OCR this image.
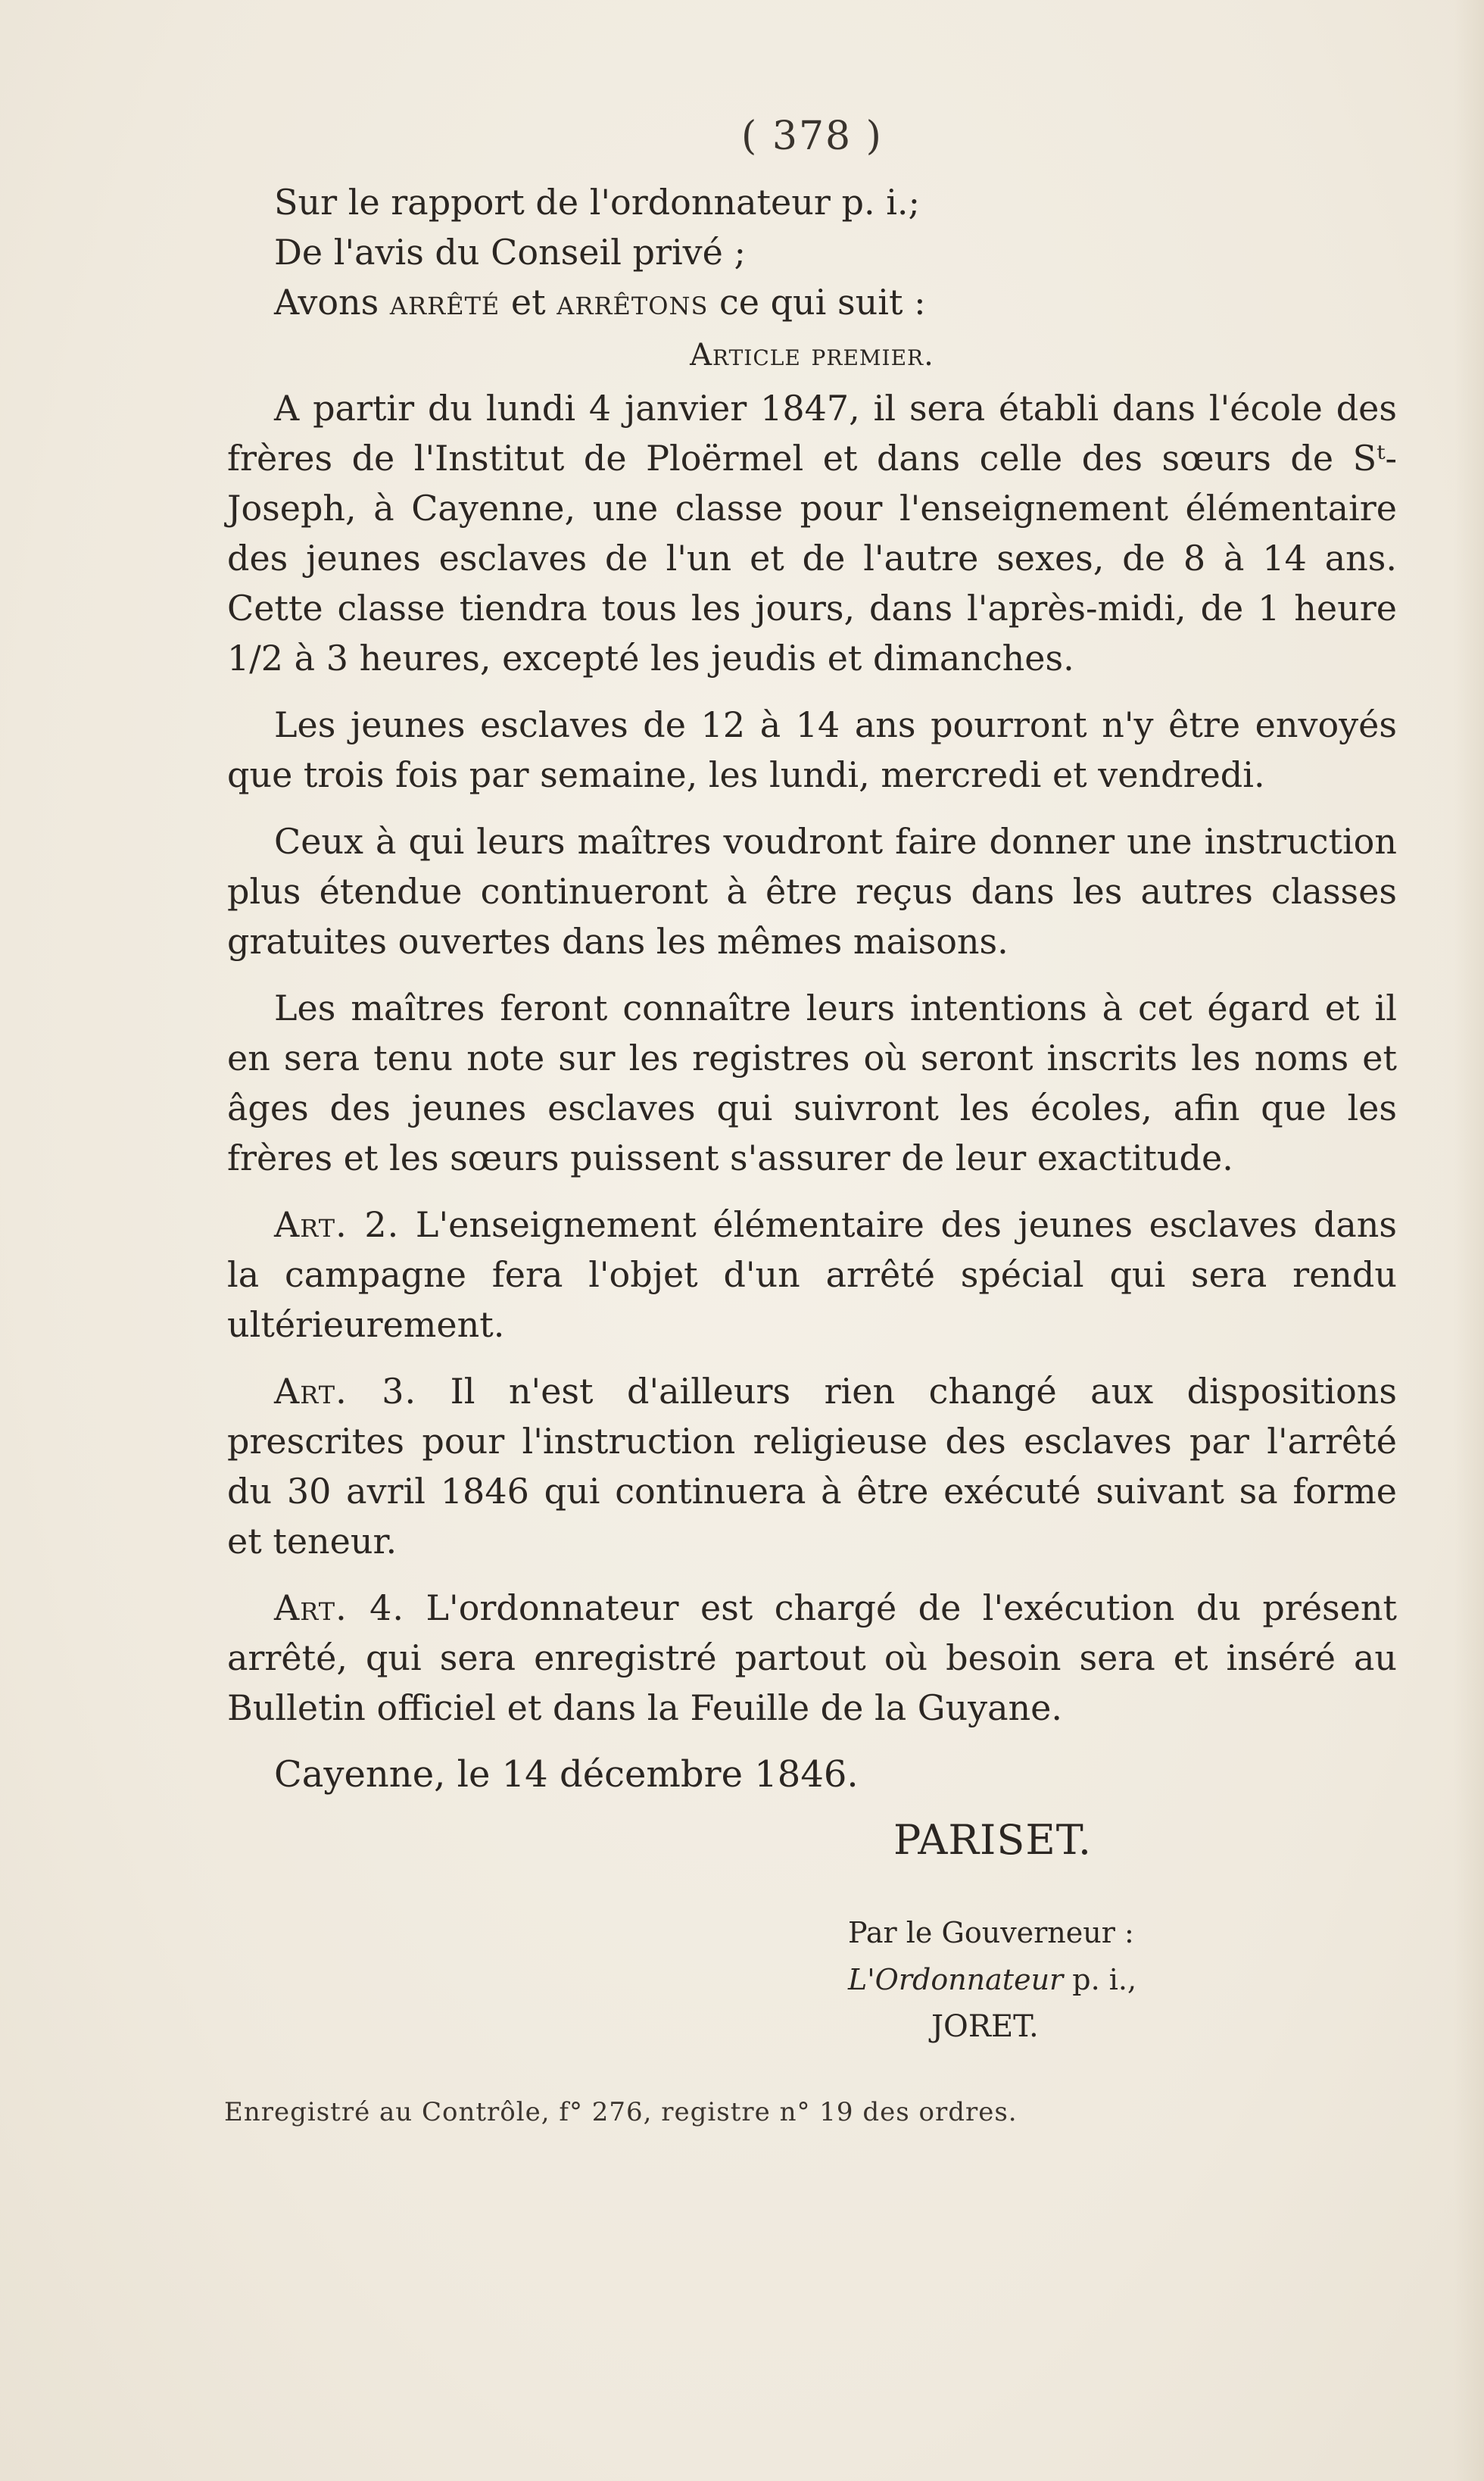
( 378 )

Sur le rapport de l'ordonnateur p. i.;

De l'avis du Conseil privé ;

Avons arrêté et arrêtons ce qui suit :

Article premier.

A partir du lundi 4 janvier 1847, il sera établi dans l'école des frères de l'Institut de Ploërmel et dans celle des sœurs de Sᵗ-Joseph, à Cayenne, une classe pour l'enseignement élémentaire des jeunes esclaves de l'un et de l'autre sexes, de 8 à 14 ans. Cette classe tiendra tous les jours, dans l'après-midi, de 1 heure 1/2 à 3 heures, excepté les jeudis et dimanches.

Les jeunes esclaves de 12 à 14 ans pourront n'y être envoyés que trois fois par semaine, les lundi, mercredi et vendredi.

Ceux à qui leurs maîtres voudront faire donner une instruction plus étendue continueront à être reçus dans les autres classes gratuites ouvertes dans les mêmes maisons.

Les maîtres feront connaître leurs intentions à cet égard et il en sera tenu note sur les registres où seront inscrits les noms et âges des jeunes esclaves qui suivront les écoles, afin que les frères et les sœurs puissent s'assurer de leur exactitude.

Art. 2. L'enseignement élémentaire des jeunes esclaves dans la campagne fera l'objet d'un arrêté spécial qui sera rendu ultérieurement.

Art. 3. Il n'est d'ailleurs rien changé aux dispositions prescrites pour l'instruction religieuse des esclaves par l'arrêté du 30 avril 1846 qui continuera à être exécuté suivant sa forme et teneur.

Art. 4. L'ordonnateur est chargé de l'exécution du présent arrêté, qui sera enregistré partout où besoin sera et inséré au Bulletin officiel et dans la Feuille de la Guyane.

Cayenne, le 14 décembre 1846.

PARISET.
Par le Gouverneur :
L'Ordonnateur p. i.,
JORET.
Enregistré au Contrôle, f° 276, registre n° 19 des ordres.
